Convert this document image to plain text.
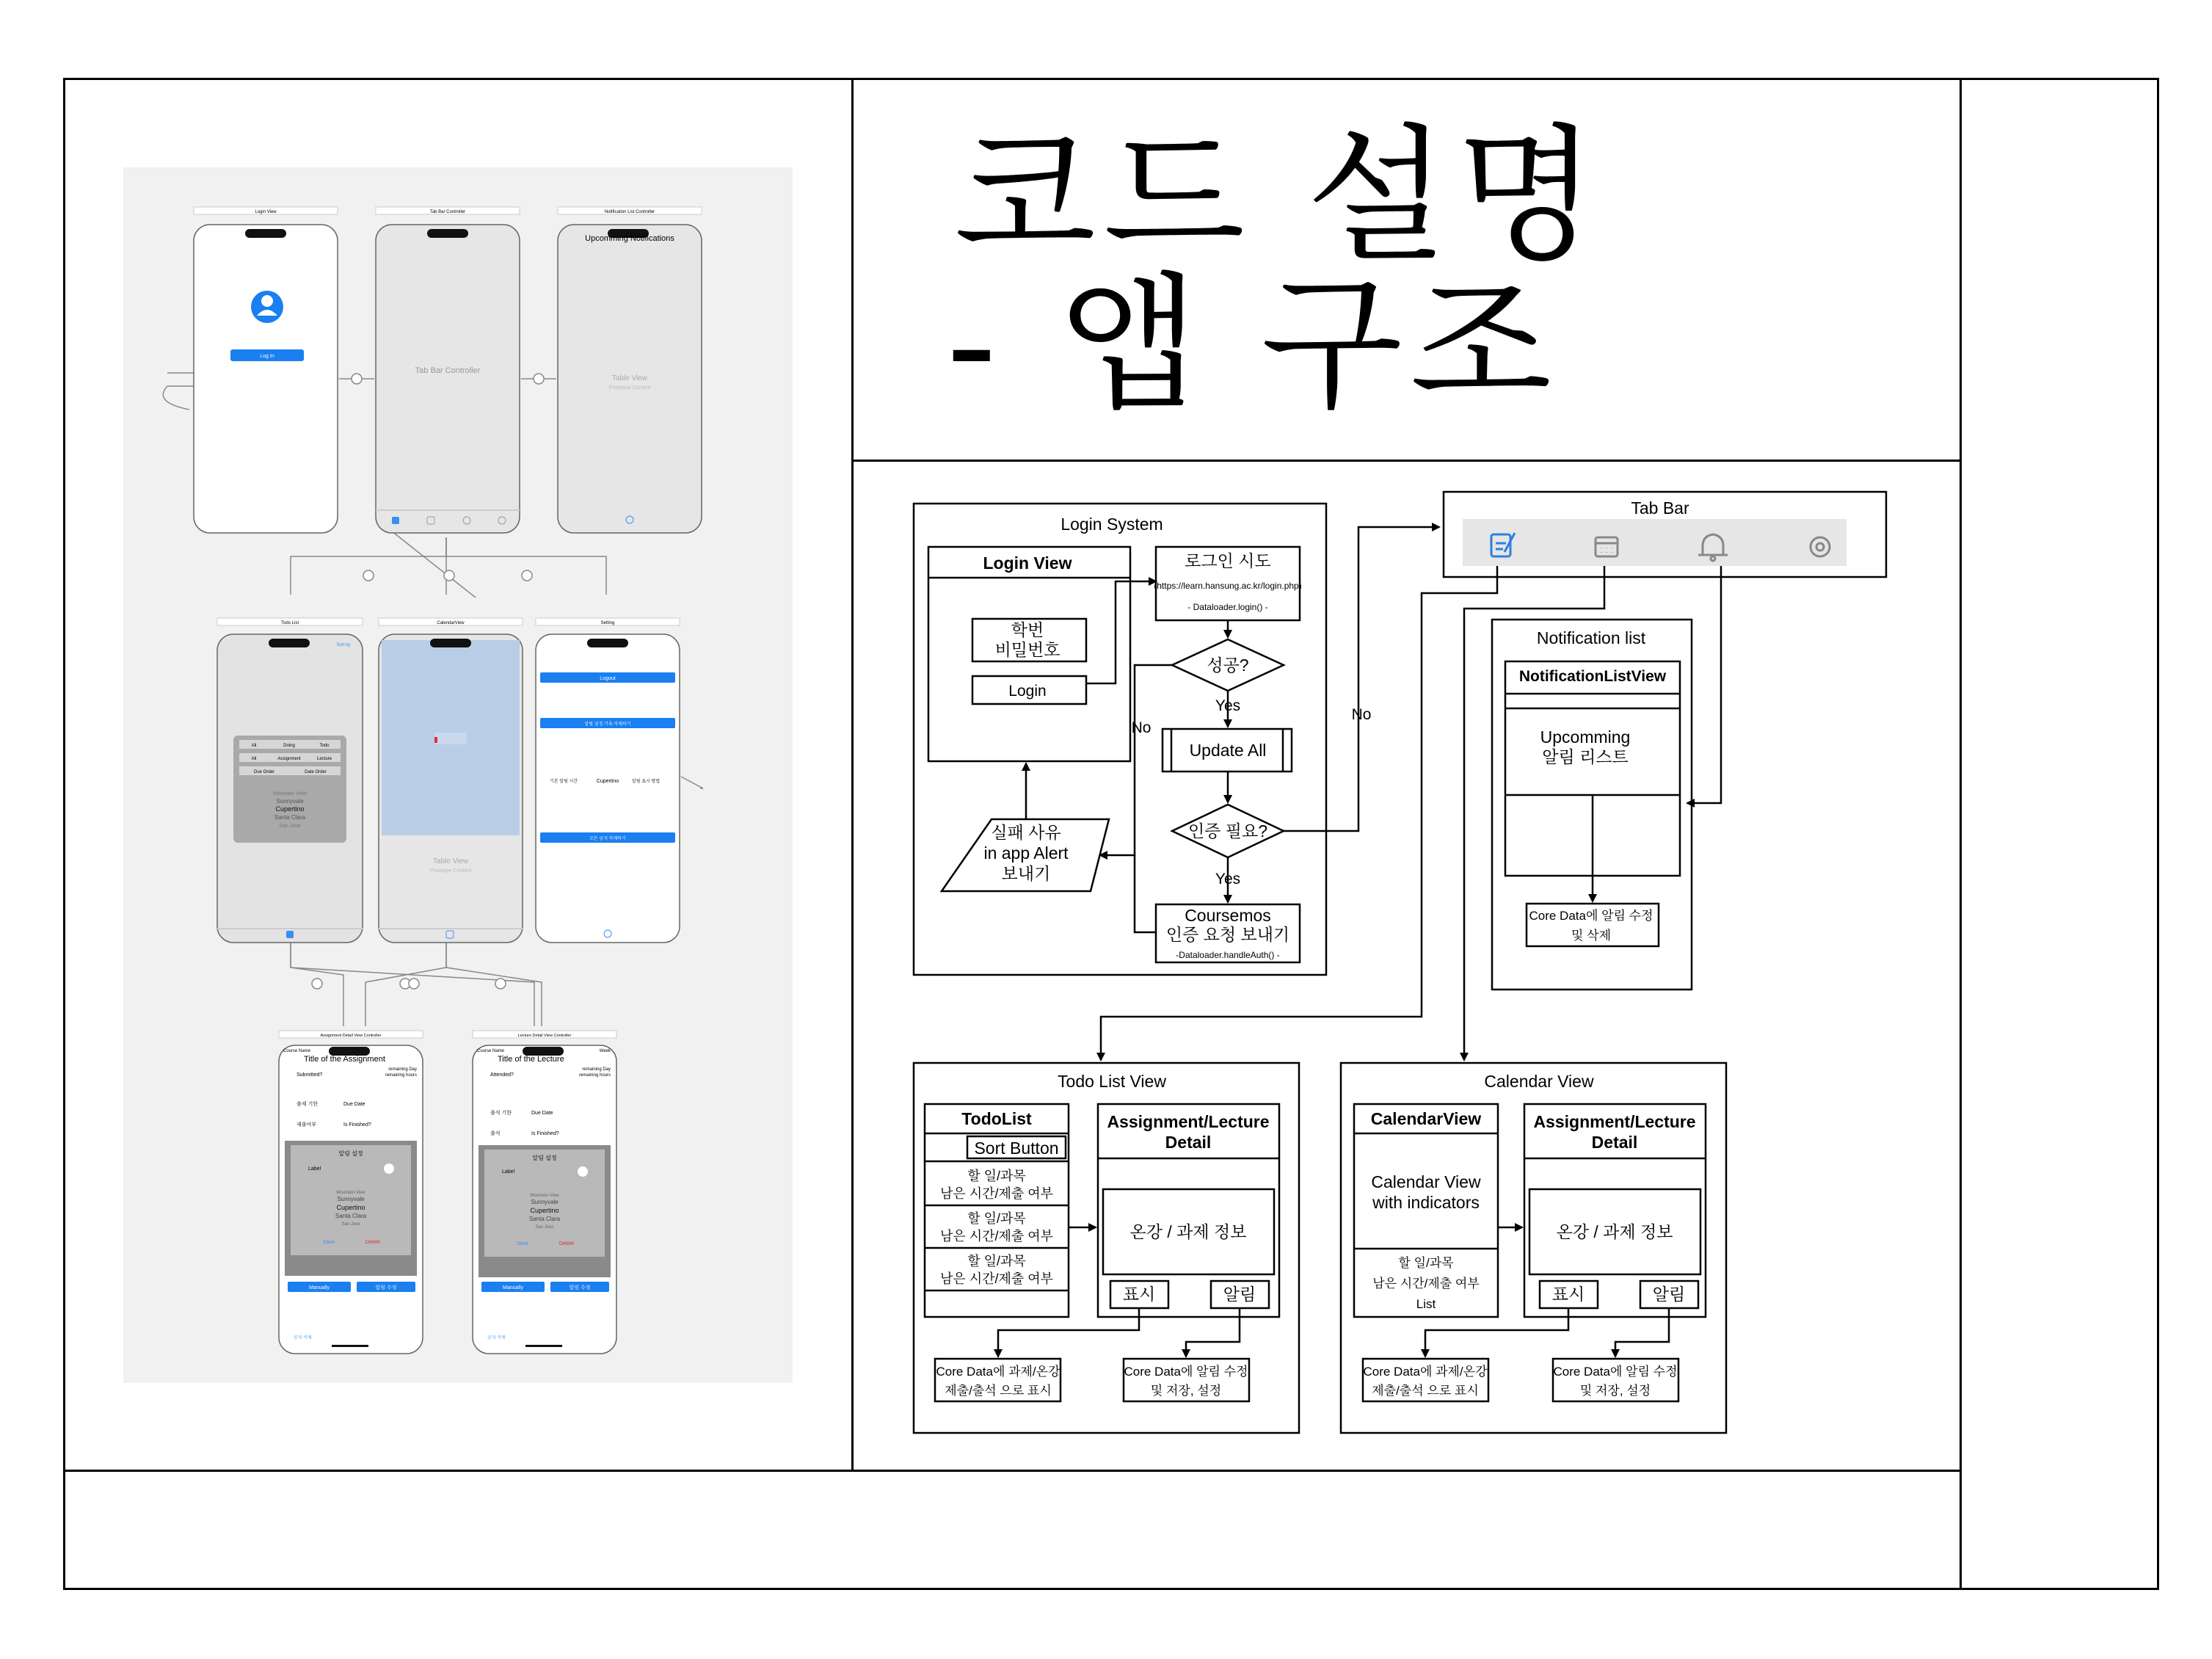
코드 설명
- 앱 구조
Login View
Log In
Tab Bar Controller
Tab Bar Controller
Notification List Controller
Upcomming Notifications
Table View
Prototype Content
Todo List
Sort by
All	Doing	Todo
All	Assignment	Lecture
Due Order	Date Order
Mountain View
Sunnyvale
Cupertino
Santa Clara
San Jose
CalendarView
Table View
Prototype Content
Setting
Logout
알림 설정 기록 삭제하기
기본 알림 시간	Cupertino	알림 표시 방법
모든 공지 삭제하기
Assignment Detail View Controller
Course Name
Title of the Assignment
remaining Day
remaining hours
Submitted?
출제 기한	Due Date
제출여부	Is Finished?
알림 설정
Label
Mountain View
Sunnyvale
Cupertino
Santa Clara
San Jose
Save	Delete
Manually	알림 수정
공지 삭제
Lecture Detail View Controller
Course Name	Week
Title of the Lecture
remaining Day
remaining hours
Attended?
출석 기한	Due Date
출석	Is Finished?
알림 설정
Label
Mountain View
Sunnyvale
Cupertino
Santa Clara
San Jose
Save	Delete
Manually	알림 수정
공지 삭제
Login System
Login View
학번
비밀번호
Login
로그인 시도
(https://learn.hansung.ac.kr/login.php)
- Dataloader.login() -
성공?
Yes
No
Update All
인증 필요?
Yes
No
Coursemos
인증 요청 보내기
-Dataloader.handleAuth() -
실패 사유
in app Alert
보내기
Tab Bar
Notification list
NotificationListView
Upcomming
알림 리스트
Core Data에 알림 수정
및 삭제
Todo List View
TodoList
Sort Button
할 일/과목
남은 시간/제출 여부
할 일/과목
남은 시간/제출 여부
할 일/과목
남은 시간/제출 여부
Assignment/Lecture
Detail
온강 / 과제 정보
표시	알림
Core Data에 과제/온강
제출/출석 으로 표시
Core Data에 알림 수정
및 저장, 설정
Calendar View
CalendarView
Calendar View
with indicators
할 일/과목
남은 시간/제출 여부
List
Assignment/Lecture
Detail
온강 / 과제 정보
표시	알림
Core Data에 과제/온강
제출/출석 으로 표시
Core Data에 알림 수정
및 저장, 설정
